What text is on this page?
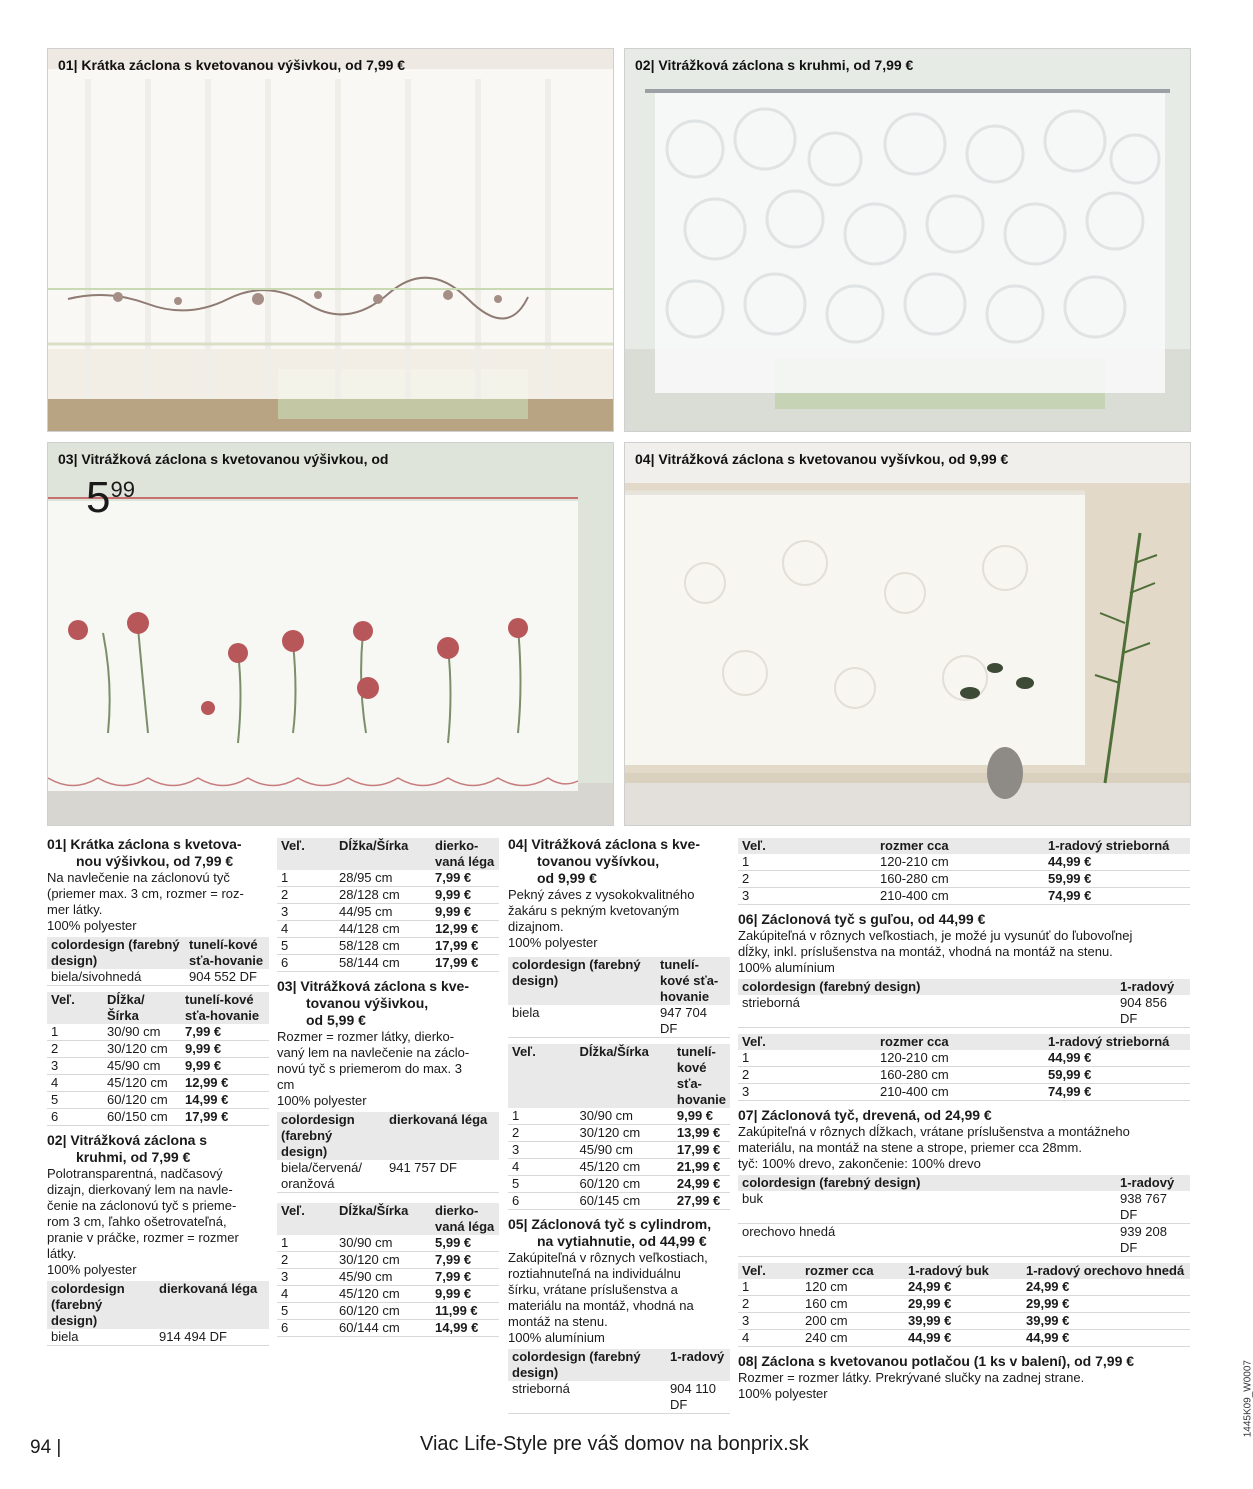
01| Krátka záclona s kvetovanou výšivkou, od 7,99 €	02| Vitrážková záclona s kruhmi, od 7,99 €
03| Vitrážková záclona s kvetovanou výšivkou, od
$5^{99}$
04| Vitrážková záclona s kvetovanou vyšívkou, od 9,99 €
01| Krátka záclona s kvetova-
nou výšivkou, od 7,99 €
Na navlečenie na záclonovú tyč
(priemer max. 3 cm, rozmer = roz-
mer látky.
100% polyester
colordesign (farebný design)	tunelí-kové sťa-hovanie
biela/sivohnedá	904 552 DF
Veľ.	Dĺžka/ Šírka	tunelí-kové sťa-hovanie
1	30/90 cm	7,99 €
2	30/120 cm	9,99 €
3	45/90 cm	9,99 €
4	45/120 cm	12,99 €
5	60/120 cm	14,99 €
6	60/150 cm	17,99 €
02| Vitrážková záclona s
kruhmi, od 7,99 €
Polotransparentná, nadčasový
dizajn, dierkovaný lem na navle-
čenie na záclonovú tyč s prieme-
rom 3 cm, ľahko ošetrovateľná,
pranie v práčke, rozmer = rozmer
látky.
100% polyester
colordesign (farebný design)	dierkovaná léga
biela	914 494 DF
Veľ.	Dĺžka/Šírka	dierko-vaná léga
1	28/95 cm	7,99 €
2	28/128 cm	9,99 €
3	44/95 cm	9,99 €
4	44/128 cm	12,99 €
5	58/128 cm	17,99 €
6	58/144 cm	17,99 €
03| Vitrážková záclona s kve-
tovanou výšivkou,
od 5,99 €
Rozmer = rozmer látky, dierko-
vaný lem na navlečenie na záclo-
novú tyč s priemerom do max. 3
cm
100% polyester
colordesign (farebný design)	dierkovaná léga
biela/červená/ oranžová	941 757 DF
Veľ.	Dĺžka/Šírka	dierko-vaná léga
1	30/90 cm	5,99 €
2	30/120 cm	7,99 €
3	45/90 cm	7,99 €
4	45/120 cm	9,99 €
5	60/120 cm	11,99 €
6	60/144 cm	14,99 €
04| Vitrážková záclona s kve-
tovanou vyšívkou,
od 9,99 €
Pekný záves z vysokokvalitného
žakáru s pekným kvetovaným
dizajnom.
100% polyester
colordesign (farebný design)	tunelí-kové sťa-hovanie
biela	947 704 DF
Veľ.	Dĺžka/Šírka	tunelí-kové sťa-hovanie
1	30/90 cm	9,99 €
2	30/120 cm	13,99 €
3	45/90 cm	17,99 €
4	45/120 cm	21,99 €
5	60/120 cm	24,99 €
6	60/145 cm	27,99 €
05| Záclonová tyč s cylindrom,
na vytiahnutie, od 44,99 €
Zakúpiteľná v rôznych veľkostiach,
roztiahnuteľná na individuálnu
šírku, vrátane príslušenstva a
materiálu na montáž, vhodná na
montáž na stenu.
100% alumínium
colordesign (farebný design)	1-radový
strieborná	904 110 DF
Veľ.	rozmer cca	1-radový strieborná
1	120-210 cm	44,99 €
2	160-280 cm	59,99 €
3	210-400 cm	74,99 €
06| Záclonová tyč s guľou, od 44,99 €
Zakúpiteľná v rôznych veľkostiach, je možé ju vysunúť do ľubovoľnej
dĺžky, inkl. príslušenstva na montáž, vhodná na montáž na stenu.
100% alumínium
colordesign (farebný design)	1-radový
strieborná	904 856 DF
Veľ.	rozmer cca	1-radový strieborná
1	120-210 cm	44,99 €
2	160-280 cm	59,99 €
3	210-400 cm	74,99 €
07| Záclonová tyč, drevená, od 24,99 €
Zakúpiteľná v rôznych dĺžkach, vrátane príslušenstva a montážneho
materiálu, na montáž na stene a strope, priemer cca 28mm.
tyč: 100% drevo, zakončenie: 100% drevo
colordesign (farebný design)	1-radový
buk	938 767 DF
orechovo hnedá	939 208 DF
Veľ.	rozmer cca	1-radový buk	1-radový orechovo hnedá
1	120 cm	24,99 €	24,99 €
2	160 cm	29,99 €	29,99 €
3	200 cm	39,99 €	39,99 €
4	240 cm	44,99 €	44,99 €
08| Záclona s kvetovanou potlačou (1 ks v balení), od 7,99 €
Rozmer = rozmer látky. Prekrývané slučky na zadnej strane.
100% polyester
94 |	Viac Life-Style pre váš domov na bonprix.sk
1445K09_W0007
